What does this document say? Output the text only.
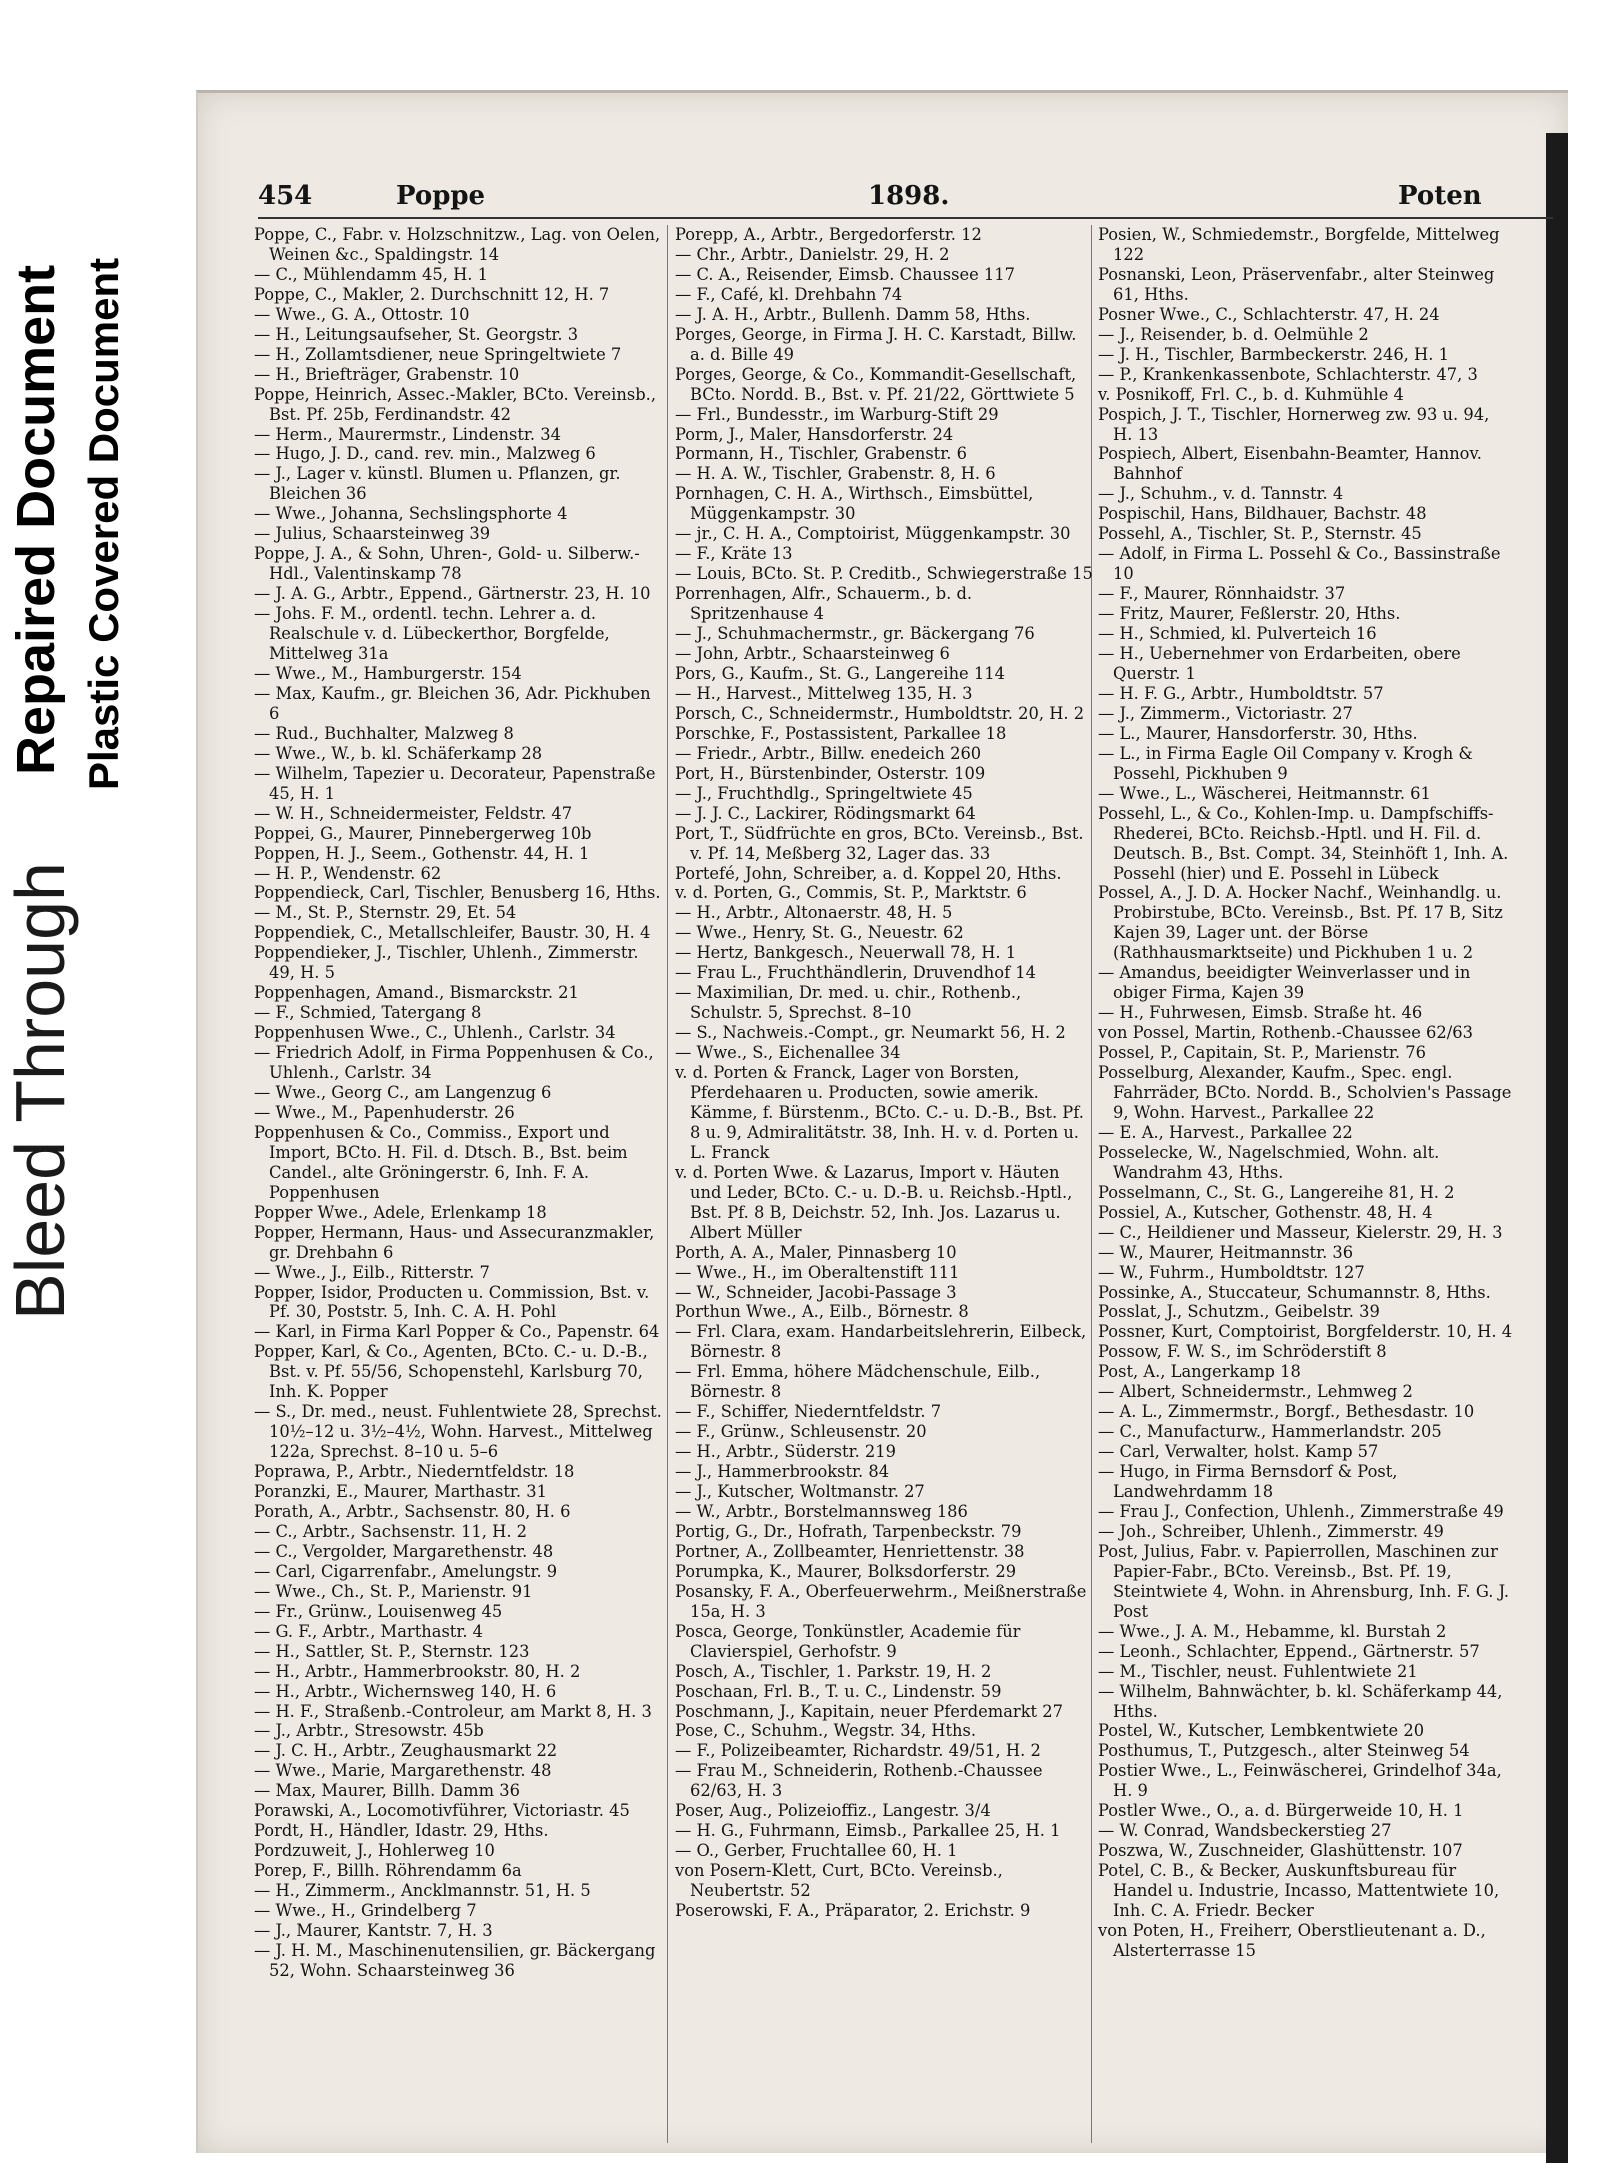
Bleed Through
Repaired Document Plastic Covered Document
454	Poppe	1898.	Poten

Poppe, C., Fabr. v. Holzschnitzw., Lag. von Oelen, Weinen &c., Spaldingstr. 14

— C., Mühlendamm 45, H. 1

Poppe, C., Makler, 2. Durchschnitt 12, H. 7

— Wwe., G. A., Ottostr. 10

— H., Leitungsaufseher, St. Georgstr. 3

— H., Zollamtsdiener, neue Springeltwiete 7

— H., Briefträger, Grabenstr. 10

Poppe, Heinrich, Assec.-Makler, BCto. Vereinsb., Bst. Pf. 25b, Ferdinandstr. 42

— Herm., Maurermstr., Lindenstr. 34

— Hugo, J. D., cand. rev. min., Malzweg 6

— J., Lager v. künstl. Blumen u. Pflanzen, gr. Bleichen 36

— Wwe., Johanna, Sechslingsphorte 4

— Julius, Schaarsteinweg 39

Poppe, J. A., & Sohn, Uhren-, Gold- u. Silberw.-Hdl., Valentinskamp 78

— J. A. G., Arbtr., Eppend., Gärtnerstr. 23, H. 10

— Johs. F. M., ordentl. techn. Lehrer a. d. Realschule v. d. Lübeckerthor, Borgfelde, Mittelweg 31a

— Wwe., M., Hamburgerstr. 154

— Max, Kaufm., gr. Bleichen 36, Adr. Pickhuben 6

— Rud., Buchhalter, Malzweg 8

— Wwe., W., b. kl. Schäferkamp 28

— Wilhelm, Tapezier u. Decorateur, Papenstraße 45, H. 1

— W. H., Schneidermeister, Feldstr. 47

Poppei, G., Maurer, Pinnebergerweg 10b

Poppen, H. J., Seem., Gothenstr. 44, H. 1

— H. P., Wendenstr. 62

Poppendieck, Carl, Tischler, Benusberg 16, Hths.

— M., St. P., Sternstr. 29, Et. 54

Poppendiek, C., Metallschleifer, Baustr. 30, H. 4

Poppendieker, J., Tischler, Uhlenh., Zimmerstr. 49, H. 5

Poppenhagen, Amand., Bismarckstr. 21

— F., Schmied, Tatergang 8

Poppenhusen Wwe., C., Uhlenh., Carlstr. 34

— Friedrich Adolf, in Firma Poppenhusen & Co., Uhlenh., Carlstr. 34

— Wwe., Georg C., am Langenzug 6

— Wwe., M., Papenhuderstr. 26

Poppenhusen & Co., Commiss., Export und Import, BCto. H. Fil. d. Dtsch. B., Bst. beim Candel., alte Gröningerstr. 6, Inh. F. A. Poppenhusen

Popper Wwe., Adele, Erlenkamp 18

Popper, Hermann, Haus- und Assecuranzmakler, gr. Drehbahn 6

— Wwe., J., Eilb., Ritterstr. 7

Popper, Isidor, Producten u. Commission, Bst. v. Pf. 30, Poststr. 5, Inh. C. A. H. Pohl

— Karl, in Firma Karl Popper & Co., Papenstr. 64

Popper, Karl, & Co., Agenten, BCto. C.- u. D.-B., Bst. v. Pf. 55/56, Schopenstehl, Karlsburg 70, Inh. K. Popper

— S., Dr. med., neust. Fuhlentwiete 28, Sprechst. 10½–12 u. 3½–4½, Wohn. Harvest., Mittelweg 122a, Sprechst. 8–10 u. 5–6

Poprawa, P., Arbtr., Niederntfeldstr. 18

Poranzki, E., Maurer, Marthastr. 31

Porath, A., Arbtr., Sachsenstr. 80, H. 6

— C., Arbtr., Sachsenstr. 11, H. 2

— C., Vergolder, Margarethenstr. 48

— Carl, Cigarrenfabr., Amelungstr. 9

— Wwe., Ch., St. P., Marienstr. 91

— Fr., Grünw., Louisenweg 45

— G. F., Arbtr., Marthastr. 4

— H., Sattler, St. P., Sternstr. 123

— H., Arbtr., Hammerbrookstr. 80, H. 2

— H., Arbtr., Wichernsweg 140, H. 6

— H. F., Straßenb.-Controleur, am Markt 8, H. 3

— J., Arbtr., Stresowstr. 45b

— J. C. H., Arbtr., Zeughausmarkt 22

— Wwe., Marie, Margarethenstr. 48

— Max, Maurer, Billh. Damm 36

Porawski, A., Locomotivführer, Victoriastr. 45

Pordt, H., Händler, Idastr. 29, Hths.

Pordzuweit, J., Hohlerweg 10

Porep, F., Billh. Röhrendamm 6a

— H., Zimmerm., Ancklmannstr. 51, H. 5

— Wwe., H., Grindelberg 7

— J., Maurer, Kantstr. 7, H. 3

— J. H. M., Maschinenutensilien, gr. Bäckergang 52, Wohn. Schaarsteinweg 36

Porepp, A., Arbtr., Bergedorferstr. 12

— Chr., Arbtr., Danielstr. 29, H. 2

— C. A., Reisender, Eimsb. Chaussee 117

— F., Café, kl. Drehbahn 74

— J. A. H., Arbtr., Bullenh. Damm 58, Hths.

Porges, George, in Firma J. H. C. Karstadt, Billw. a. d. Bille 49

Porges, George, & Co., Kommandit-Gesellschaft, BCto. Nordd. B., Bst. v. Pf. 21/22, Görttwiete 5

— Frl., Bundesstr., im Warburg-Stift 29

Porm, J., Maler, Hansdorferstr. 24

Pormann, H., Tischler, Grabenstr. 6

— H. A. W., Tischler, Grabenstr. 8, H. 6

Pornhagen, C. H. A., Wirthsch., Eimsbüttel, Müggenkampstr. 30

— jr., C. H. A., Comptoirist, Müggenkampstr. 30

— F., Kräte 13

— Louis, BCto. St. P. Creditb., Schwiegerstraße 15

Porrenhagen, Alfr., Schauerm., b. d. Spritzenhause 4

— J., Schuhmachermstr., gr. Bäckergang 76

— John, Arbtr., Schaarsteinweg 6

Pors, G., Kaufm., St. G., Langereihe 114

— H., Harvest., Mittelweg 135, H. 3

Porsch, C., Schneidermstr., Humboldtstr. 20, H. 2

Porschke, F., Postassistent, Parkallee 18

— Friedr., Arbtr., Billw. enedeich 260

Port, H., Bürstenbinder, Osterstr. 109

— J., Fruchthdlg., Springeltwiete 45

— J. J. C., Lackirer, Rödingsmarkt 64

Port, T., Südfrüchte en gros, BCto. Vereinsb., Bst. v. Pf. 14, Meßberg 32, Lager das. 33

Portefé, John, Schreiber, a. d. Koppel 20, Hths.

v. d. Porten, G., Commis, St. P., Marktstr. 6

— H., Arbtr., Altonaerstr. 48, H. 5

— Wwe., Henry, St. G., Neuestr. 62

— Hertz, Bankgesch., Neuerwall 78, H. 1

— Frau L., Fruchthändlerin, Druvendhof 14

— Maximilian, Dr. med. u. chir., Rothenb., Schulstr. 5, Sprechst. 8–10

— S., Nachweis.-Compt., gr. Neumarkt 56, H. 2

— Wwe., S., Eichenallee 34

v. d. Porten & Franck, Lager von Borsten, Pferdehaaren u. Producten, sowie amerik. Kämme, f. Bürstenm., BCto. C.- u. D.-B., Bst. Pf. 8 u. 9, Admiralitätstr. 38, Inh. H. v. d. Porten u. L. Franck

v. d. Porten Wwe. & Lazarus, Import v. Häuten und Leder, BCto. C.- u. D.-B. u. Reichsb.-Hptl., Bst. Pf. 8 B, Deichstr. 52, Inh. Jos. Lazarus u. Albert Müller

Porth, A. A., Maler, Pinnasberg 10

— Wwe., H., im Oberaltenstift 111

— W., Schneider, Jacobi-Passage 3

Porthun Wwe., A., Eilb., Börnestr. 8

— Frl. Clara, exam. Handarbeitslehrerin, Eilbeck, Börnestr. 8

— Frl. Emma, höhere Mädchenschule, Eilb., Börnestr. 8

— F., Schiffer, Niederntfeldstr. 7

— F., Grünw., Schleusenstr. 20

— H., Arbtr., Süderstr. 219

— J., Hammerbrookstr. 84

— J., Kutscher, Woltmanstr. 27

— W., Arbtr., Borstelmannsweg 186

Portig, G., Dr., Hofrath, Tarpenbeckstr. 79

Portner, A., Zollbeamter, Henriettenstr. 38

Porumpka, K., Maurer, Bolksdorferstr. 29

Posansky, F. A., Oberfeuerwehrm., Meißnerstraße 15a, H. 3

Posca, George, Tonkünstler, Academie für Clavierspiel, Gerhofstr. 9

Posch, A., Tischler, 1. Parkstr. 19, H. 2

Poschaan, Frl. B., T. u. C., Lindenstr. 59

Poschmann, J., Kapitain, neuer Pferdemarkt 27

Pose, C., Schuhm., Wegstr. 34, Hths.

— F., Polizeibeamter, Richardstr. 49/51, H. 2

— Frau M., Schneiderin, Rothenb.-Chaussee 62/63, H. 3

Poser, Aug., Polizeioffiz., Langestr. 3/4

— H. G., Fuhrmann, Eimsb., Parkallee 25, H. 1

— O., Gerber, Fruchtallee 60, H. 1

von Posern-Klett, Curt, BCto. Vereinsb., Neubertstr. 52

Poserowski, F. A., Präparator, 2. Erichstr. 9

Posien, W., Schmiedemstr., Borgfelde, Mittelweg 122

Posnanski, Leon, Präservenfabr., alter Steinweg 61, Hths.

Posner Wwe., C., Schlachterstr. 47, H. 24

— J., Reisender, b. d. Oelmühle 2

— J. H., Tischler, Barmbeckerstr. 246, H. 1

— P., Krankenkassenbote, Schlachterstr. 47, 3

v. Posnikoff, Frl. C., b. d. Kuhmühle 4

Pospich, J. T., Tischler, Hornerweg zw. 93 u. 94, H. 13

Pospiech, Albert, Eisenbahn-Beamter, Hannov. Bahnhof

— J., Schuhm., v. d. Tannstr. 4

Pospischil, Hans, Bildhauer, Bachstr. 48

Possehl, A., Tischler, St. P., Sternstr. 45

— Adolf, in Firma L. Possehl & Co., Bassinstraße 10

— F., Maurer, Rönnhaidstr. 37

— Fritz, Maurer, Feßlerstr. 20, Hths.

— H., Schmied, kl. Pulverteich 16

— H., Uebernehmer von Erdarbeiten, obere Querstr. 1

— H. F. G., Arbtr., Humboldtstr. 57

— J., Zimmerm., Victoriastr. 27

— L., Maurer, Hansdorferstr. 30, Hths.

— L., in Firma Eagle Oil Company v. Krogh & Possehl, Pickhuben 9

— Wwe., L., Wäscherei, Heitmannstr. 61

Possehl, L., & Co., Kohlen-Imp. u. Dampfschiffs-Rhederei, BCto. Reichsb.-Hptl. und H. Fil. d. Deutsch. B., Bst. Compt. 34, Steinhöft 1, Inh. A. Possehl (hier) und E. Possehl in Lübeck

Possel, A., J. D. A. Hocker Nachf., Weinhandlg. u. Probirstube, BCto. Vereinsb., Bst. Pf. 17 B, Sitz Kajen 39, Lager unt. der Börse (Rathhausmarktseite) und Pickhuben 1 u. 2

— Amandus, beeidigter Weinverlasser und in obiger Firma, Kajen 39

— H., Fuhrwesen, Eimsb. Straße ht. 46

von Possel, Martin, Rothenb.-Chaussee 62/63

Possel, P., Capitain, St. P., Marienstr. 76

Posselburg, Alexander, Kaufm., Spec. engl. Fahrräder, BCto. Nordd. B., Scholvien's Passage 9, Wohn. Harvest., Parkallee 22

— E. A., Harvest., Parkallee 22

Posselecke, W., Nagelschmied, Wohn. alt. Wandrahm 43, Hths.

Posselmann, C., St. G., Langereihe 81, H. 2

Possiel, A., Kutscher, Gothenstr. 48, H. 4

— C., Heildiener und Masseur, Kielerstr. 29, H. 3

— W., Maurer, Heitmannstr. 36

— W., Fuhrm., Humboldtstr. 127

Possinke, A., Stuccateur, Schumannstr. 8, Hths.

Posslat, J., Schutzm., Geibelstr. 39

Possner, Kurt, Comptoirist, Borgfelderstr. 10, H. 4

Possow, F. W. S., im Schröderstift 8

Post, A., Langerkamp 18

— Albert, Schneidermstr., Lehmweg 2

— A. L., Zimmermstr., Borgf., Bethesdastr. 10

— C., Manufacturw., Hammerlandstr. 205

— Carl, Verwalter, holst. Kamp 57

— Hugo, in Firma Bernsdorf & Post, Landwehrdamm 18

— Frau J., Confection, Uhlenh., Zimmerstraße 49

— Joh., Schreiber, Uhlenh., Zimmerstr. 49

Post, Julius, Fabr. v. Papierrollen, Maschinen zur Papier-Fabr., BCto. Vereinsb., Bst. Pf. 19, Steintwiete 4, Wohn. in Ahrensburg, Inh. F. G. J. Post

— Wwe., J. A. M., Hebamme, kl. Burstah 2

— Leonh., Schlachter, Eppend., Gärtnerstr. 57

— M., Tischler, neust. Fuhlentwiete 21

— Wilhelm, Bahnwächter, b. kl. Schäferkamp 44, Hths.

Postel, W., Kutscher, Lembkentwiete 20

Posthumus, T., Putzgesch., alter Steinweg 54

Postier Wwe., L., Feinwäscherei, Grindelhof 34a, H. 9

Postler Wwe., O., a. d. Bürgerweide 10, H. 1

— W. Conrad, Wandsbeckerstieg 27

Poszwa, W., Zuschneider, Glashüttenstr. 107

Potel, C. B., & Becker, Auskunftsbureau für Handel u. Industrie, Incasso, Mattentwiete 10, Inh. C. A. Friedr. Becker

von Poten, H., Freiherr, Oberstlieutenant a. D., Alsterterrasse 15
